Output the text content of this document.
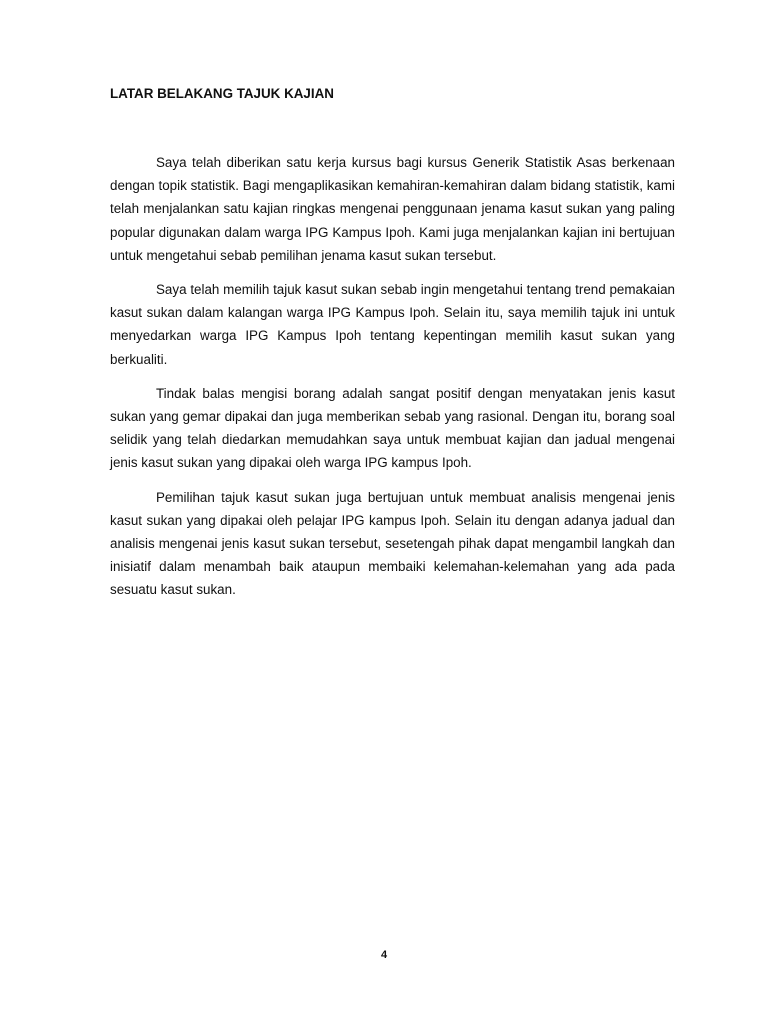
LATAR BELAKANG TAJUK KAJIAN

Saya telah diberikan satu kerja kursus bagi kursus Generik Statistik Asas berkenaan dengan topik statistik. Bagi mengaplikasikan kemahiran-kemahiran dalam bidang statistik, kami telah menjalankan satu kajian ringkas mengenai penggunaan jenama kasut sukan yang paling popular digunakan dalam warga IPG Kampus Ipoh. Kami juga menjalankan kajian ini bertujuan untuk mengetahui sebab pemilihan jenama kasut sukan tersebut.

Saya telah memilih tajuk kasut sukan sebab ingin mengetahui tentang trend pemakaian kasut sukan dalam kalangan warga IPG Kampus Ipoh. Selain itu, saya memilih tajuk ini untuk menyedarkan warga IPG Kampus Ipoh tentang kepentingan memilih kasut sukan yang berkualiti.

Tindak balas mengisi borang adalah sangat positif dengan menyatakan jenis kasut sukan yang gemar dipakai dan juga memberikan sebab yang rasional. Dengan itu, borang soal selidik yang telah diedarkan memudahkan saya untuk membuat kajian dan jadual mengenai jenis kasut sukan yang dipakai oleh warga IPG kampus Ipoh.

Pemilihan tajuk kasut sukan juga bertujuan untuk membuat analisis mengenai jenis kasut sukan yang dipakai oleh pelajar IPG kampus Ipoh. Selain itu dengan adanya jadual dan analisis mengenai jenis kasut sukan tersebut, sesetengah pihak dapat mengambil langkah dan inisiatif dalam menambah baik ataupun membaiki kelemahan-kelemahan yang ada pada sesuatu kasut sukan.

4
